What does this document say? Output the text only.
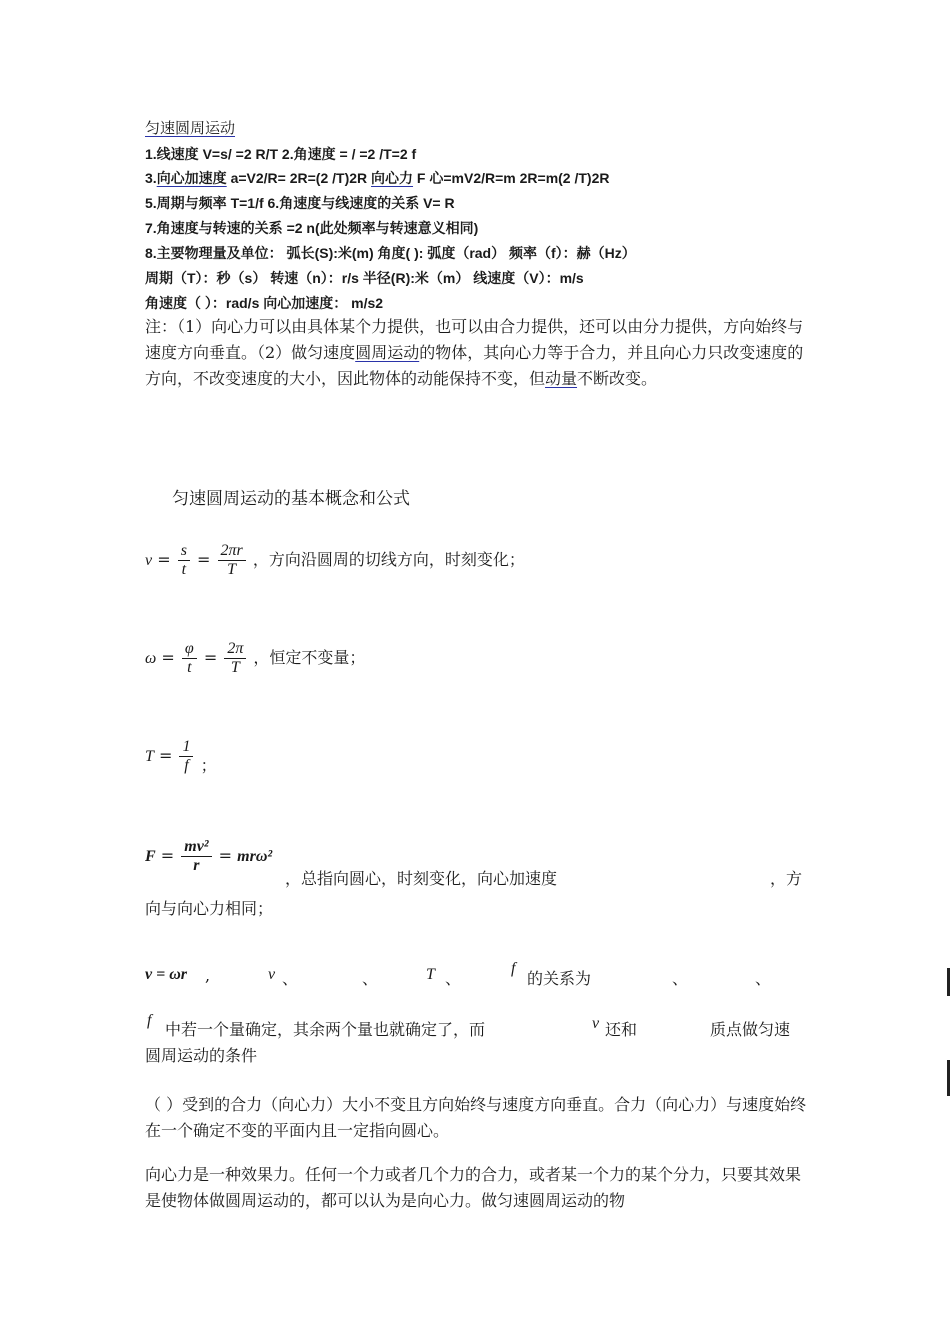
匀速圆周运动
1.线速度 V=s/ =2 R/T 2.角速度 = / =2 /T=2 f
3.向心加速度 a=V2/R= 2R=(2 /T)2R 向心力 F 心=mV2/R=m 2R=m(2 /T)2R
5.周期与频率 T=1/f 6.角速度与线速度的关系 V= R
7.角速度与转速的关系 =2 n(此处频率与转速意义相同)
8.主要物理量及单位： 弧长(S):米(m) 角度( ): 弧度（rad） 频率（f）：赫（Hz）
周期（T）：秒（s） 转速（n）：r/s 半径(R):米（m） 线速度（V）：m/s
角速度（ ）：rad/s 向心加速度： m/s2
注：（1）向心力可以由具体某个力提供，也可以由合力提供，还可以由分力提供，方向始终与速度方向垂直。（2）做匀速度圆周运动的物体，其向心力等于合力，并且向心力只改变速度的方向，不改变速度的大小，因此物体的动能保持不变，但动量不断改变。
匀速圆周运动的基本概念和公式
$v = \frac{s}{t} = \frac{2\pi r}{T}$ ，方向沿圆周的切线方向，时刻变化；
$\omega = \frac{\varphi}{t} = \frac{2\pi}{T}$ ，恒定不变量；
$T = \frac{1}{f}$ ；
$F = \frac{\text{mv²}}{r} = mr\omega^2$
，总指向圆心，时刻变化，向心加速度	，方
向与向心力相同；
v = ωr ,	v 、	、	T 、
f
的关系为	、	、
f 中若一个量确定，其余两个量也就确定了，而	v 还和	质点做匀速
圆周运动的条件
（ ）受到的合力（向心力）大小不变且方向始终与速度方向垂直。合力（向心力）与速度始终在一个确定不变的平面内且一定指向圆心。
向心力是一种效果力。任何一个力或者几个力的合力，或者某一个力的某个分力，只要其效果是使物体做圆周运动的，都可以认为是向心力。做匀速圆周运动的物
